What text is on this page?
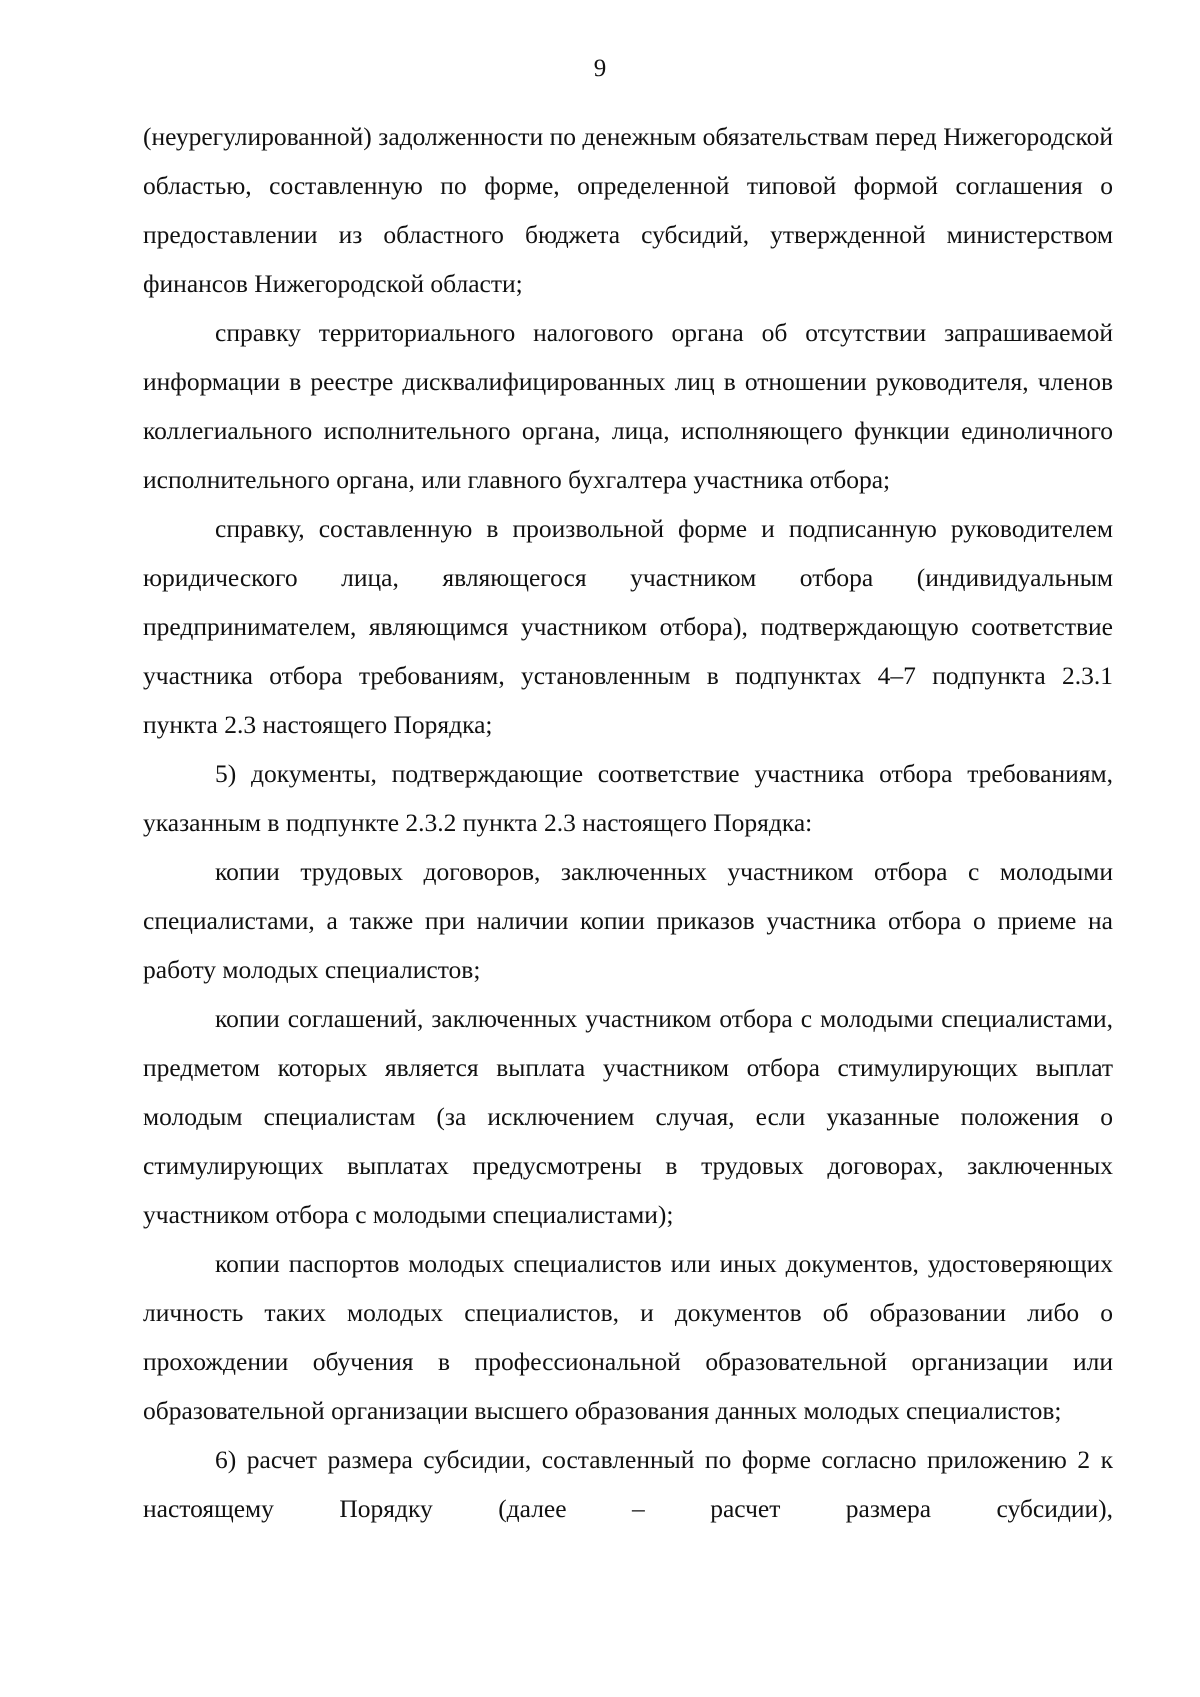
9

(неурегулированной) задолженности по денежным обязательствам перед Нижегородской областью, составленную по форме, определенной типовой формой соглашения о предоставлении из областного бюджета субсидий, утвержденной министерством финансов Нижегородской области;

справку территориального налогового органа об отсутствии запрашиваемой информации в реестре дисквалифицированных лиц в отношении руководителя, членов коллегиального исполнительного органа, лица, исполняющего функции единоличного исполнительного органа, или главного бухгалтера участника отбора;

справку, составленную в произвольной форме и подписанную руководителем юридического лица, являющегося участником отбора (индивидуальным предпринимателем, являющимся участником отбора), подтверждающую соответствие участника отбора требованиям, установленным в подпунктах 4–7 подпункта 2.3.1 пункта 2.3 настоящего Порядка;

5) документы, подтверждающие соответствие участника отбора требованиям, указанным в подпункте 2.3.2 пункта 2.3 настоящего Порядка:

копии трудовых договоров, заключенных участником отбора с молодыми специалистами, а также при наличии копии приказов участника отбора о приеме на работу молодых специалистов;

копии соглашений, заключенных участником отбора с молодыми специалистами, предметом которых является выплата участником отбора стимулирующих выплат молодым специалистам (за исключением случая, если указанные положения о стимулирующих выплатах предусмотрены в трудовых договорах, заключенных участником отбора с молодыми специалистами);

копии паспортов молодых специалистов или иных документов, удостоверяющих личность таких молодых специалистов, и документов об образовании либо о прохождении обучения в профессиональной образовательной организации или образовательной организации высшего образования данных молодых специалистов;

6) расчет размера субсидии, составленный по форме согласно приложению 2 к настоящему Порядку (далее – расчет размера субсидии),
